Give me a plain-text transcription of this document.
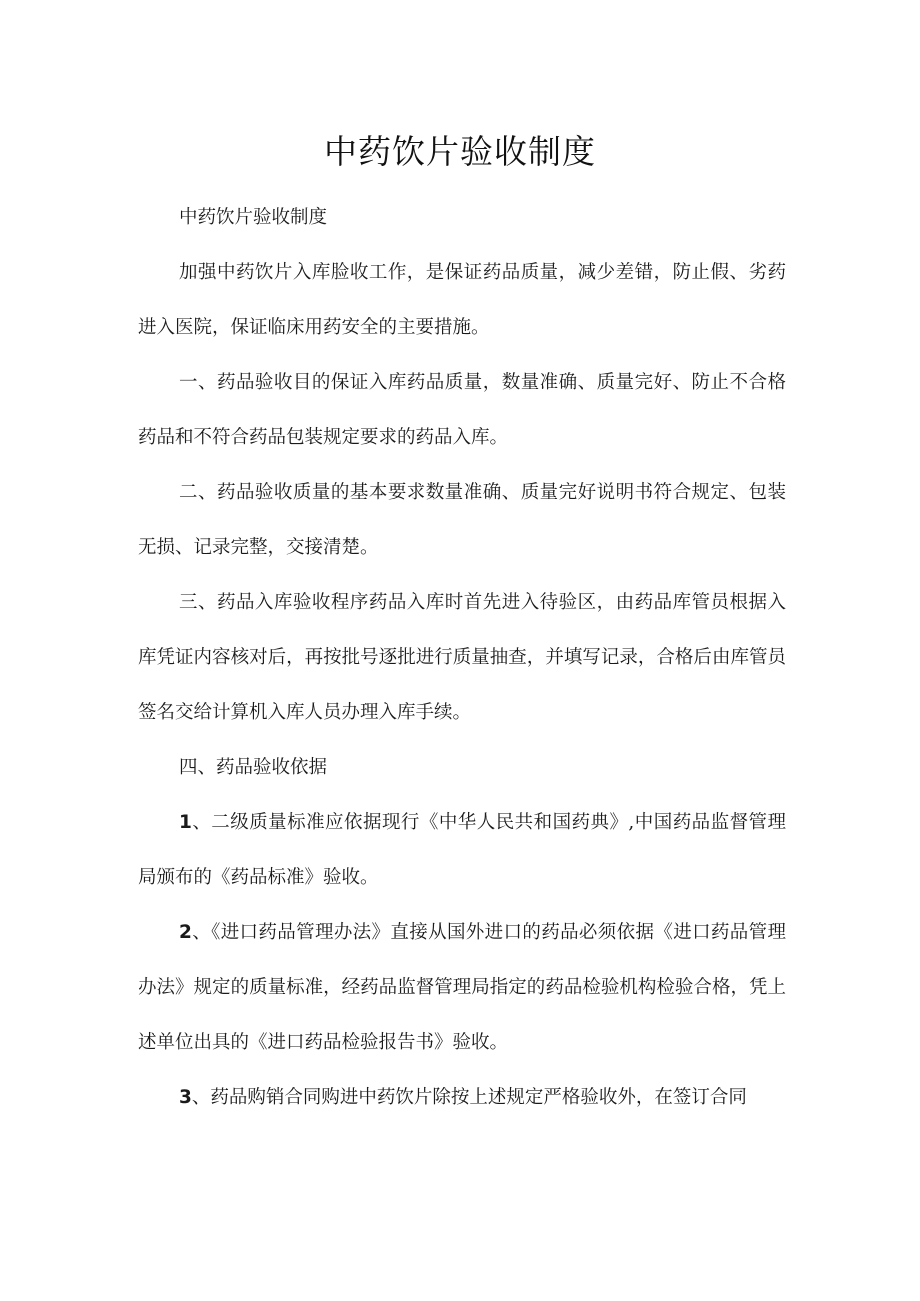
中药饮片验收制度

中药饮片验收制度

加强中药饮片入库脸收工作，是保证药品质量，减少差错，防止假、劣药进入医院，保证临床用药安全的主要措施。

一、药品验收目的保证入库药品质量，数量准确、质量完好、防止不合格药品和不符合药品包装规定要求的药品入库。

二、药品验收质量的基本要求数量准确、质量完好说明书符合规定、包装无损、记录完整，交接清楚。

三、药品入库验收程序药品入库时首先进入待验区，由药品库管员根据入库凭证内容核对后，再按批号逐批进行质量抽查，并填写记录，合格后由库管员签名交给计算机入库人员办理入库手续。

四、药品验收依据

1、二级质量标准应依据现行《中华人民共和国药典》,中国药品监督管理局颁布的《药品标准》验收。

2、《进口药品管理办法》直接从国外进口的药品必须依据《进口药品管理办法》规定的质量标准，经药品监督管理局指定的药品检验机构检验合格，凭上述单位出具的《进口药品检验报告书》验收。

3、药品购销合同购进中药饮片除按上述规定严格验收外，在签订合同
